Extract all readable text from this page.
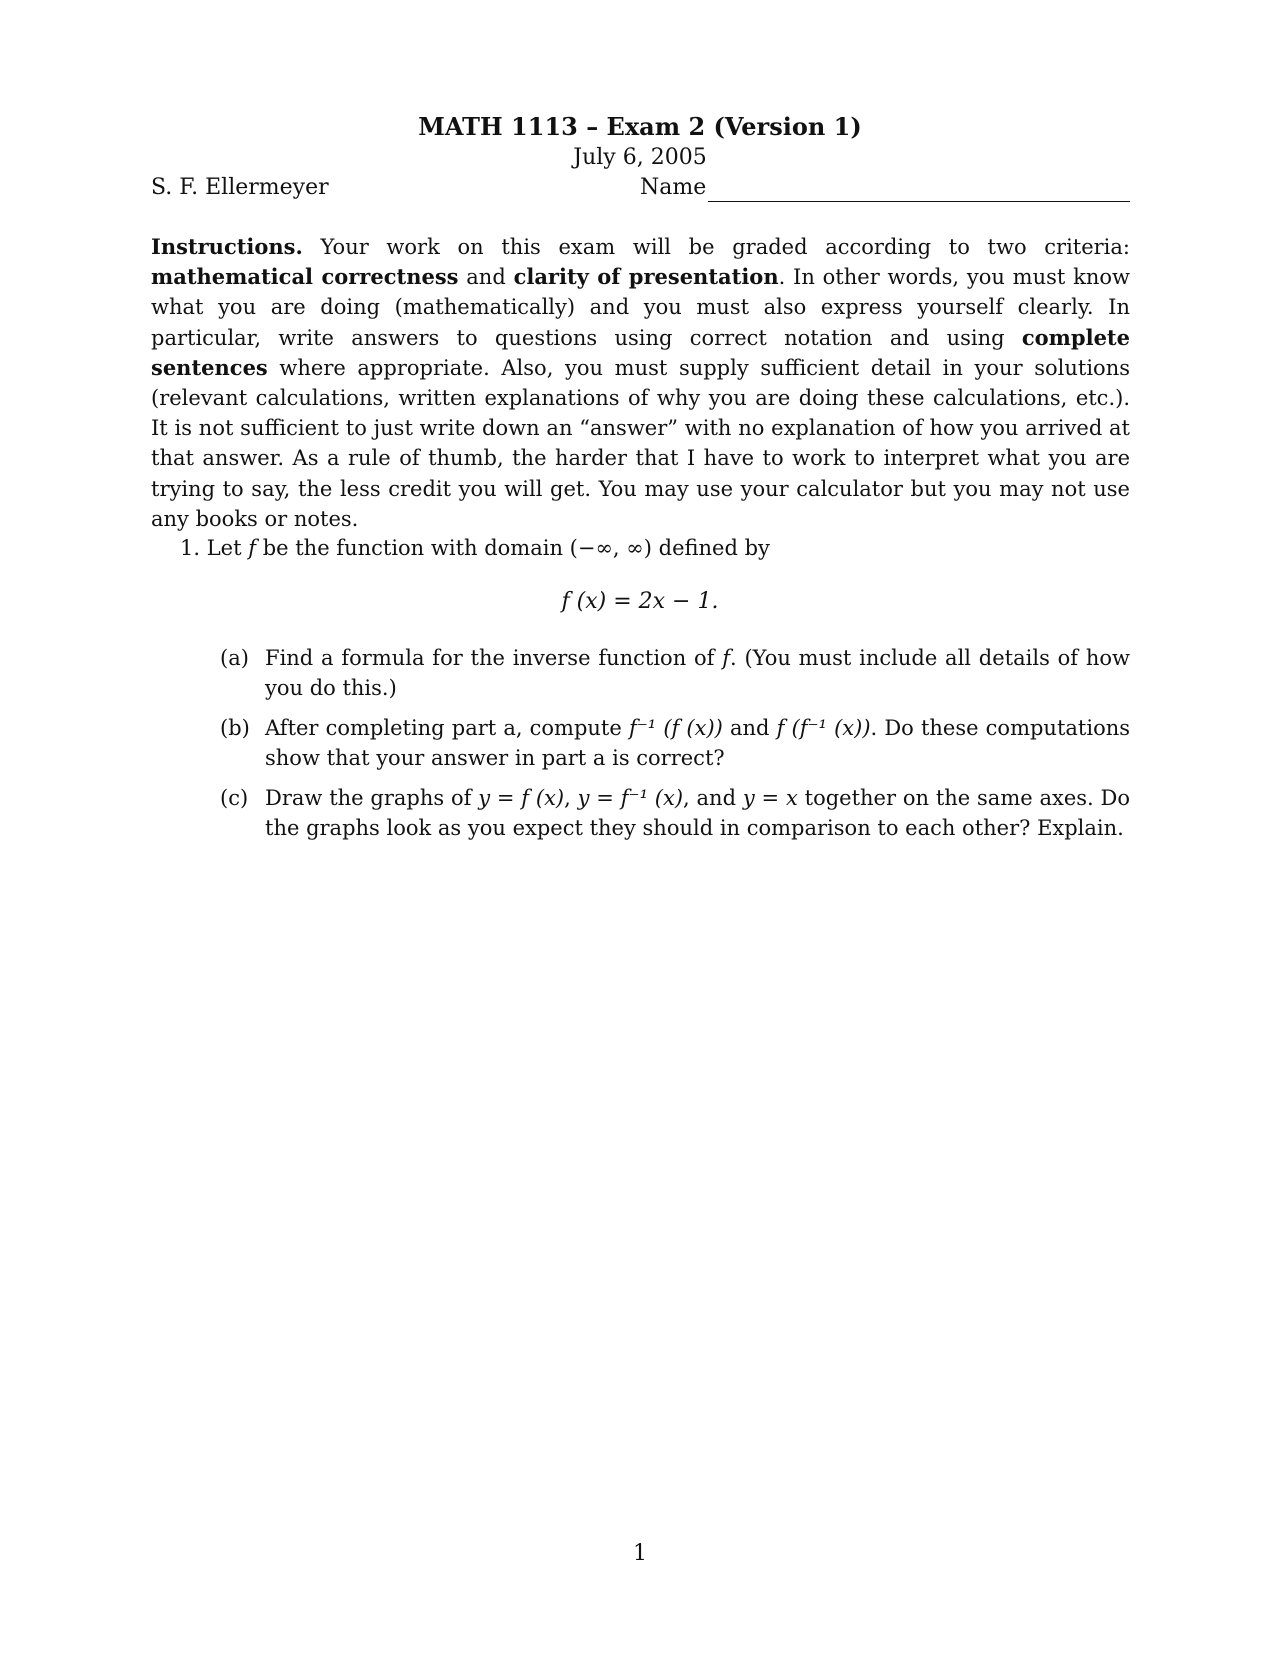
MATH 1113 – Exam 2 (Version 1)
July 6, 2005
S. F. Ellermeyer	Name
Instructions. Your work on this exam will be graded according to two criteria: mathematical correctness and clarity of presentation. In other words, you must know what you are doing (mathematically) and you must also express yourself clearly. In particular, write answers to questions using correct notation and using complete sentences where appropriate. Also, you must supply sufficient detail in your solutions (relevant calculations, written explanations of why you are doing these calculations, etc.). It is not sufficient to just write down an “answer” with no explanation of how you arrived at that answer. As a rule of thumb, the harder that I have to work to interpret what you are trying to say, the less credit you will get. You may use your calculator but you may not use any books or notes.
1. Let f be the function with domain (−∞, ∞) defined by
f (x) = 2x − 1.
(a) Find a formula for the inverse function of f. (You must include all details of how you do this.)
(b) After completing part a, compute f⁻¹ (f (x)) and f (f⁻¹ (x)). Do these computations show that your answer in part a is correct?
(c) Draw the graphs of y = f (x), y = f⁻¹ (x), and y = x together on the same axes. Do the graphs look as you expect they should in comparison to each other? Explain.
1
